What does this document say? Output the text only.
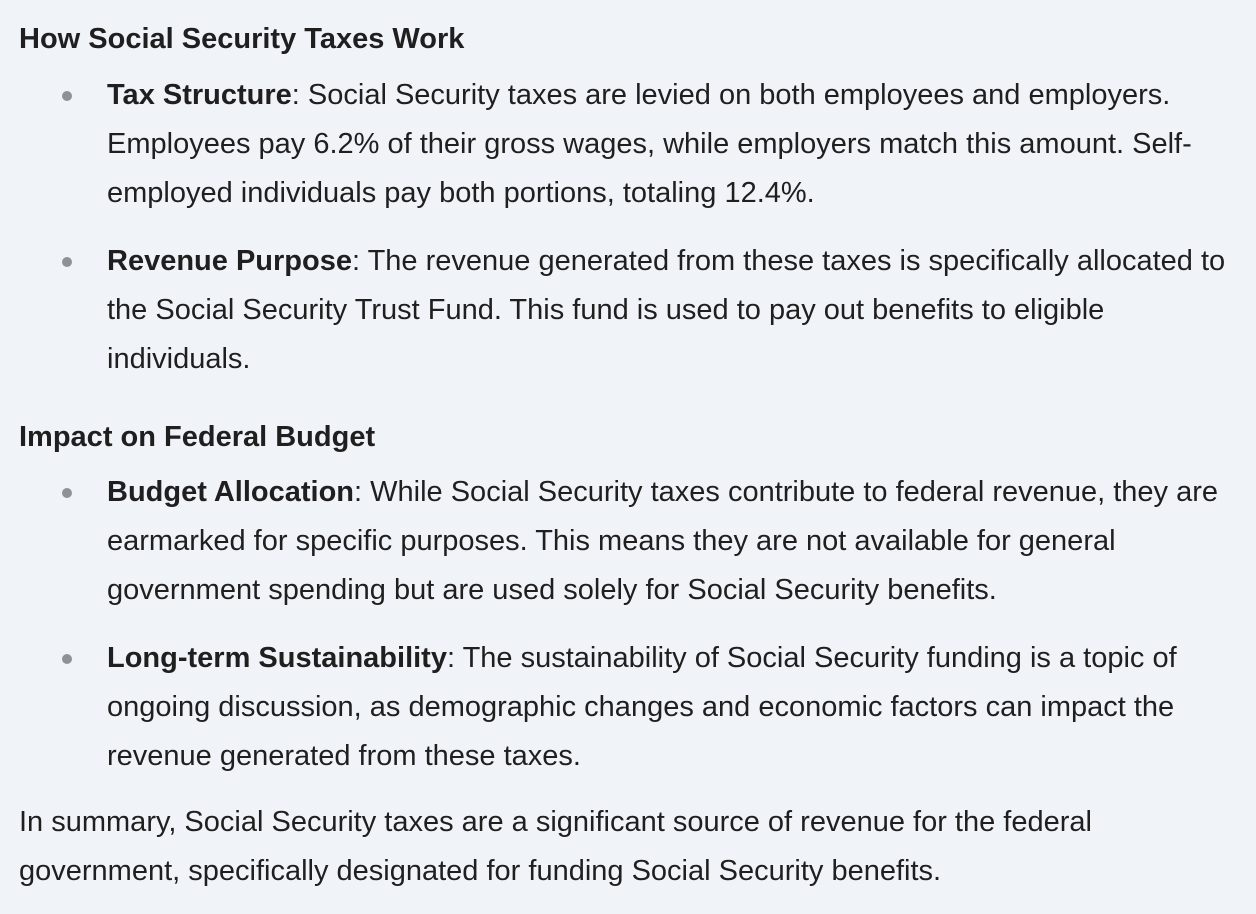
How Social Security Taxes Work
Tax Structure: Social Security taxes are levied on both employees and employers. Employees pay 6.2% of their gross wages, while employers match this amount. Self-employed individuals pay both portions, totaling 12.4%.
Revenue Purpose: The revenue generated from these taxes is specifically allocated to the Social Security Trust Fund. This fund is used to pay out benefits to eligible individuals.
Impact on Federal Budget
Budget Allocation: While Social Security taxes contribute to federal revenue, they are earmarked for specific purposes. This means they are not available for general government spending but are used solely for Social Security benefits.
Long-term Sustainability: The sustainability of Social Security funding is a topic of ongoing discussion, as demographic changes and economic factors can impact the revenue generated from these taxes.

In summary, Social Security taxes are a significant source of revenue for the federal government, specifically designated for funding Social Security benefits.
